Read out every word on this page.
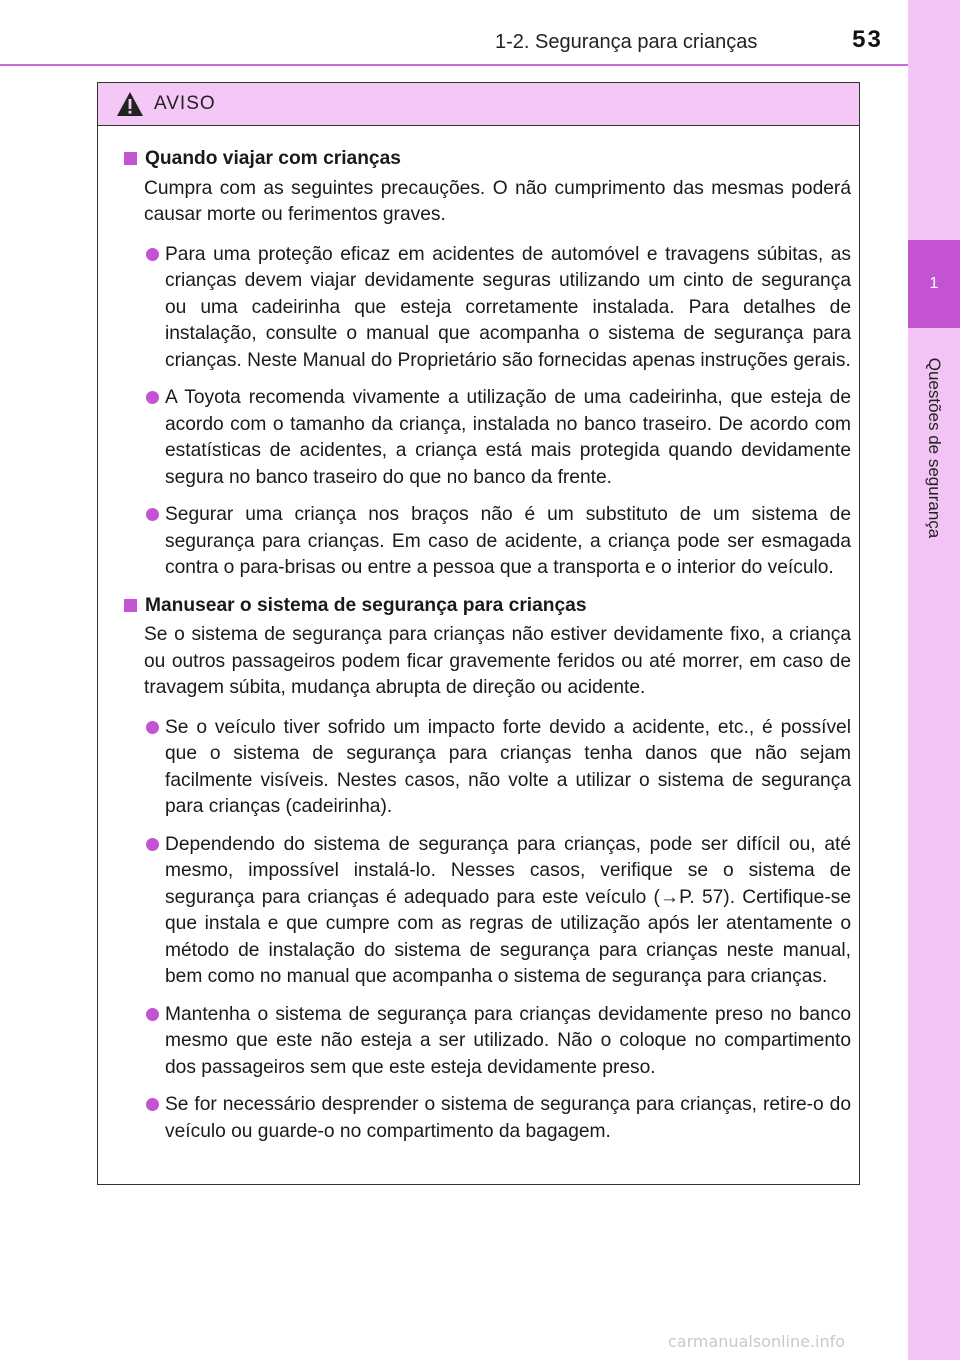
1-2. Segurança para crianças	53
1
Questões de segurança
AVISO
Quando viajar com crianças

Cumpra com as seguintes precauções. O não cumprimento das mesmas poderá causar morte ou ferimentos graves.

Para uma proteção eficaz em acidentes de automóvel e travagens súbitas, as crianças devem viajar devidamente seguras utilizando um cinto de segurança ou uma cadeirinha que esteja corretamente instalada. Para detalhes de instalação, consulte o manual que acompanha o sistema de segurança para crianças. Neste Manual do Proprietário são fornecidas apenas instruções gerais.
A Toyota recomenda vivamente a utilização de uma cadeirinha, que esteja de acordo com o tamanho da criança, instalada no banco traseiro. De acordo com estatísticas de acidentes, a criança está mais protegida quando devidamente segura no banco traseiro do que no banco da frente.
Segurar uma criança nos braços não é um substituto de um sistema de segurança para crianças. Em caso de acidente, a criança pode ser esmagada contra o para-brisas ou entre a pessoa que a transporta e o interior do veículo.
Manusear o sistema de segurança para crianças

Se o sistema de segurança para crianças não estiver devidamente fixo, a criança ou outros passageiros podem ficar gravemente feridos ou até morrer, em caso de travagem súbita, mudança abrupta de direção ou acidente.

Se o veículo tiver sofrido um impacto forte devido a acidente, etc., é possível que o sistema de segurança para crianças tenha danos que não sejam facilmente visíveis. Nestes casos, não volte a utilizar o sistema de segurança para crianças (cadeirinha).
Dependendo do sistema de segurança para crianças, pode ser difícil ou, até mesmo, impossível instalá-lo. Nesses casos, verifique se o sistema de segurança para crianças é adequado para este veículo (→P. 57). Certifique-se que instala e que cumpre com as regras de utilização após ler atentamente o método de instalação do sistema de segurança para crianças neste manual, bem como no manual que acompanha o sistema de segurança para crianças.
Mantenha o sistema de segurança para crianças devidamente preso no banco mesmo que este não esteja a ser utilizado. Não o coloque no compartimento dos passageiros sem que este esteja devidamente preso.
Se for necessário desprender o sistema de segurança para crianças, retire-o do veículo ou guarde-o no compartimento da bagagem.
carmanualsonline.info
